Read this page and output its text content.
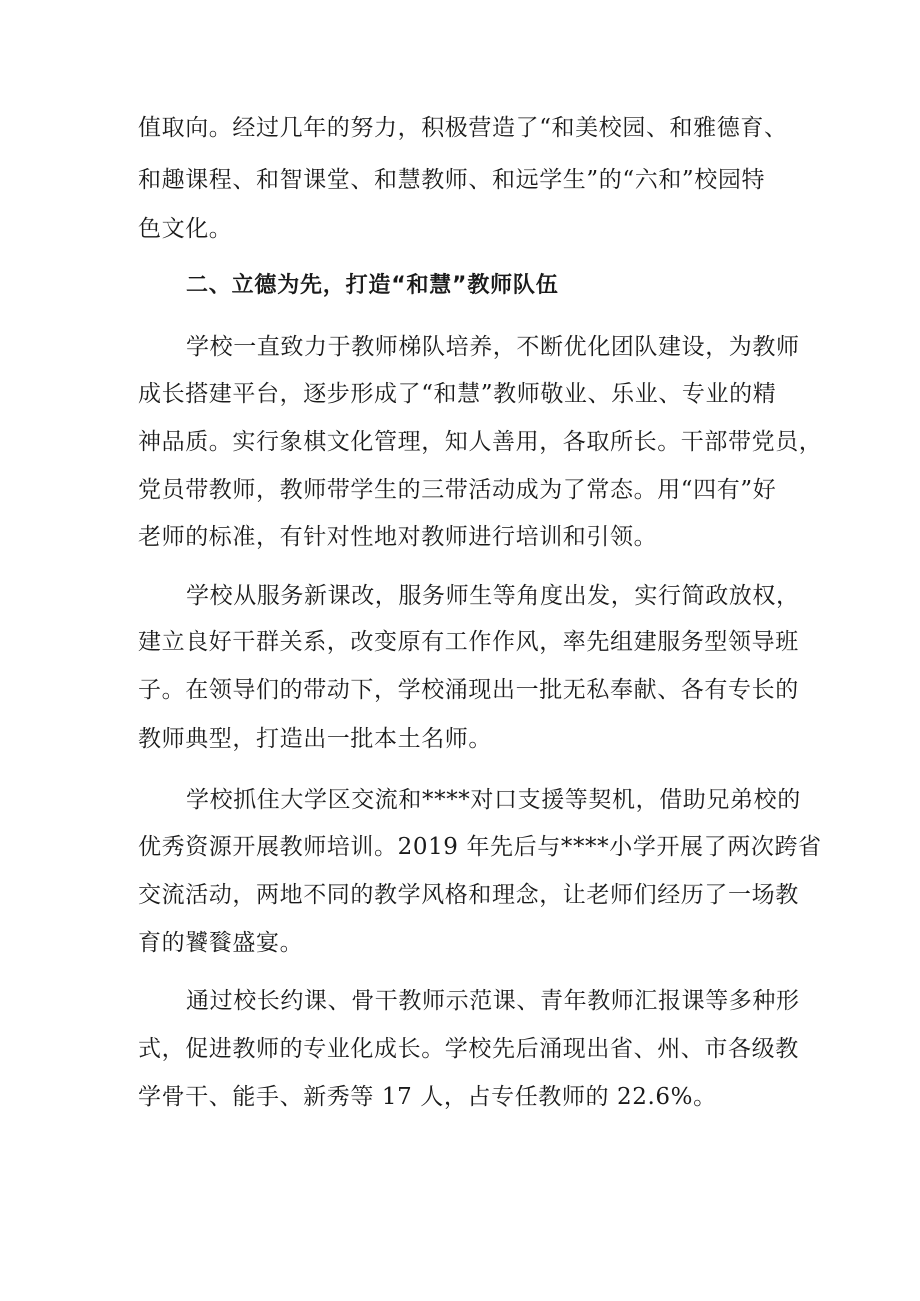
值取向。经过几年的努力，积极营造了“和美校园、和雅德育、
和趣课程、和智课堂、和慧教师、和远学生”的“六和”校园特
色文化。
二、立德为先，打造“和慧”教师队伍
学校一直致力于教师梯队培养，不断优化团队建设，为教师
成长搭建平台，逐步形成了“和慧”教师敬业、乐业、专业的精
神品质。实行象棋文化管理，知人善用，各取所长。干部带党员，
党员带教师，教师带学生的三带活动成为了常态。用“四有”好
老师的标准，有针对性地对教师进行培训和引领。
学校从服务新课改，服务师生等角度出发，实行简政放权，
建立良好干群关系，改变原有工作作风，率先组建服务型领导班
子。在领导们的带动下，学校涌现出一批无私奉献、各有专长的
教师典型，打造出一批本土名师。
学校抓住大学区交流和****对口支援等契机，借助兄弟校的
优秀资源开展教师培训。2019 年先后与****小学开展了两次跨省
交流活动，两地不同的教学风格和理念，让老师们经历了一场教
育的饕餮盛宴。
通过校长约课、骨干教师示范课、青年教师汇报课等多种形
式，促进教师的专业化成长。学校先后涌现出省、州、市各级教
学骨干、能手、新秀等 17 人，占专任教师的 22.6%。
